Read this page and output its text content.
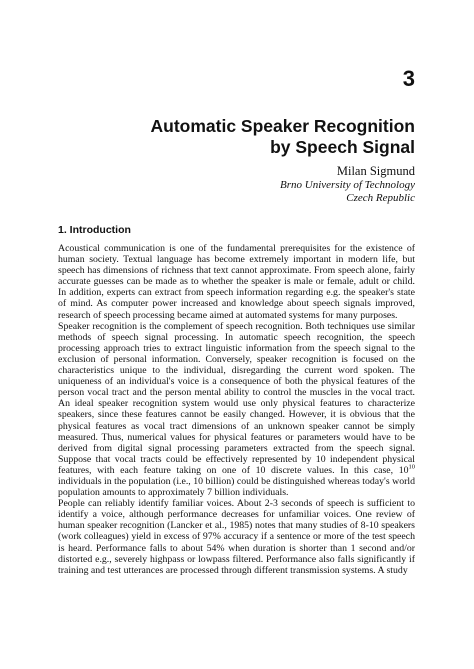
3
Automatic Speaker Recognition
by Speech Signal
Milan Sigmund
Brno University of Technology
Czech Republic
1. Introduction

Acoustical communication is one of the fundamental prerequisites for the existence of human society. Textual language has become extremely important in modern life, but speech has dimensions of richness that text cannot approximate. From speech alone, fairly accurate guesses can be made as to whether the speaker is male or female, adult or child. In addition, experts can extract from speech information regarding e.g. the speaker's state of mind. As computer power increased and knowledge about speech signals improved, research of speech processing became aimed at automated systems for many purposes.

Speaker recognition is the complement of speech recognition. Both techniques use similar methods of speech signal processing. In automatic speech recognition, the speech processing approach tries to extract linguistic information from the speech signal to the exclusion of personal information. Conversely, speaker recognition is focused on the characteristics unique to the individual, disregarding the current word spoken. The uniqueness of an individual's voice is a consequence of both the physical features of the person vocal tract and the person mental ability to control the muscles in the vocal tract. An ideal speaker recognition system would use only physical features to characterize speakers, since these features cannot be easily changed. However, it is obvious that the physical features as vocal tract dimensions of an unknown speaker cannot be simply measured. Thus, numerical values for physical features or parameters would have to be derived from digital signal processing parameters extracted from the speech signal. Suppose that vocal tracts could be effectively represented by 10 independent physical features, with each feature taking on one of 10 discrete values. In this case, $10^{10}$ individuals in the population (i.e., 10 billion) could be distinguished whereas today's world population amounts to approximately 7 billion individuals.

People can reliably identify familiar voices. About 2-3 seconds of speech is sufficient to identify a voice, although performance decreases for unfamiliar voices. One review of human speaker recognition (Lancker et al., 1985) notes that many studies of 8-10 speakers (work colleagues) yield in excess of 97% accuracy if a sentence or more of the test speech is heard. Performance falls to about 54% when duration is shorter than 1 second and/or distorted e.g., severely highpass or lowpass filtered. Performance also falls significantly if training and test utterances are processed through different transmission systems. A study
